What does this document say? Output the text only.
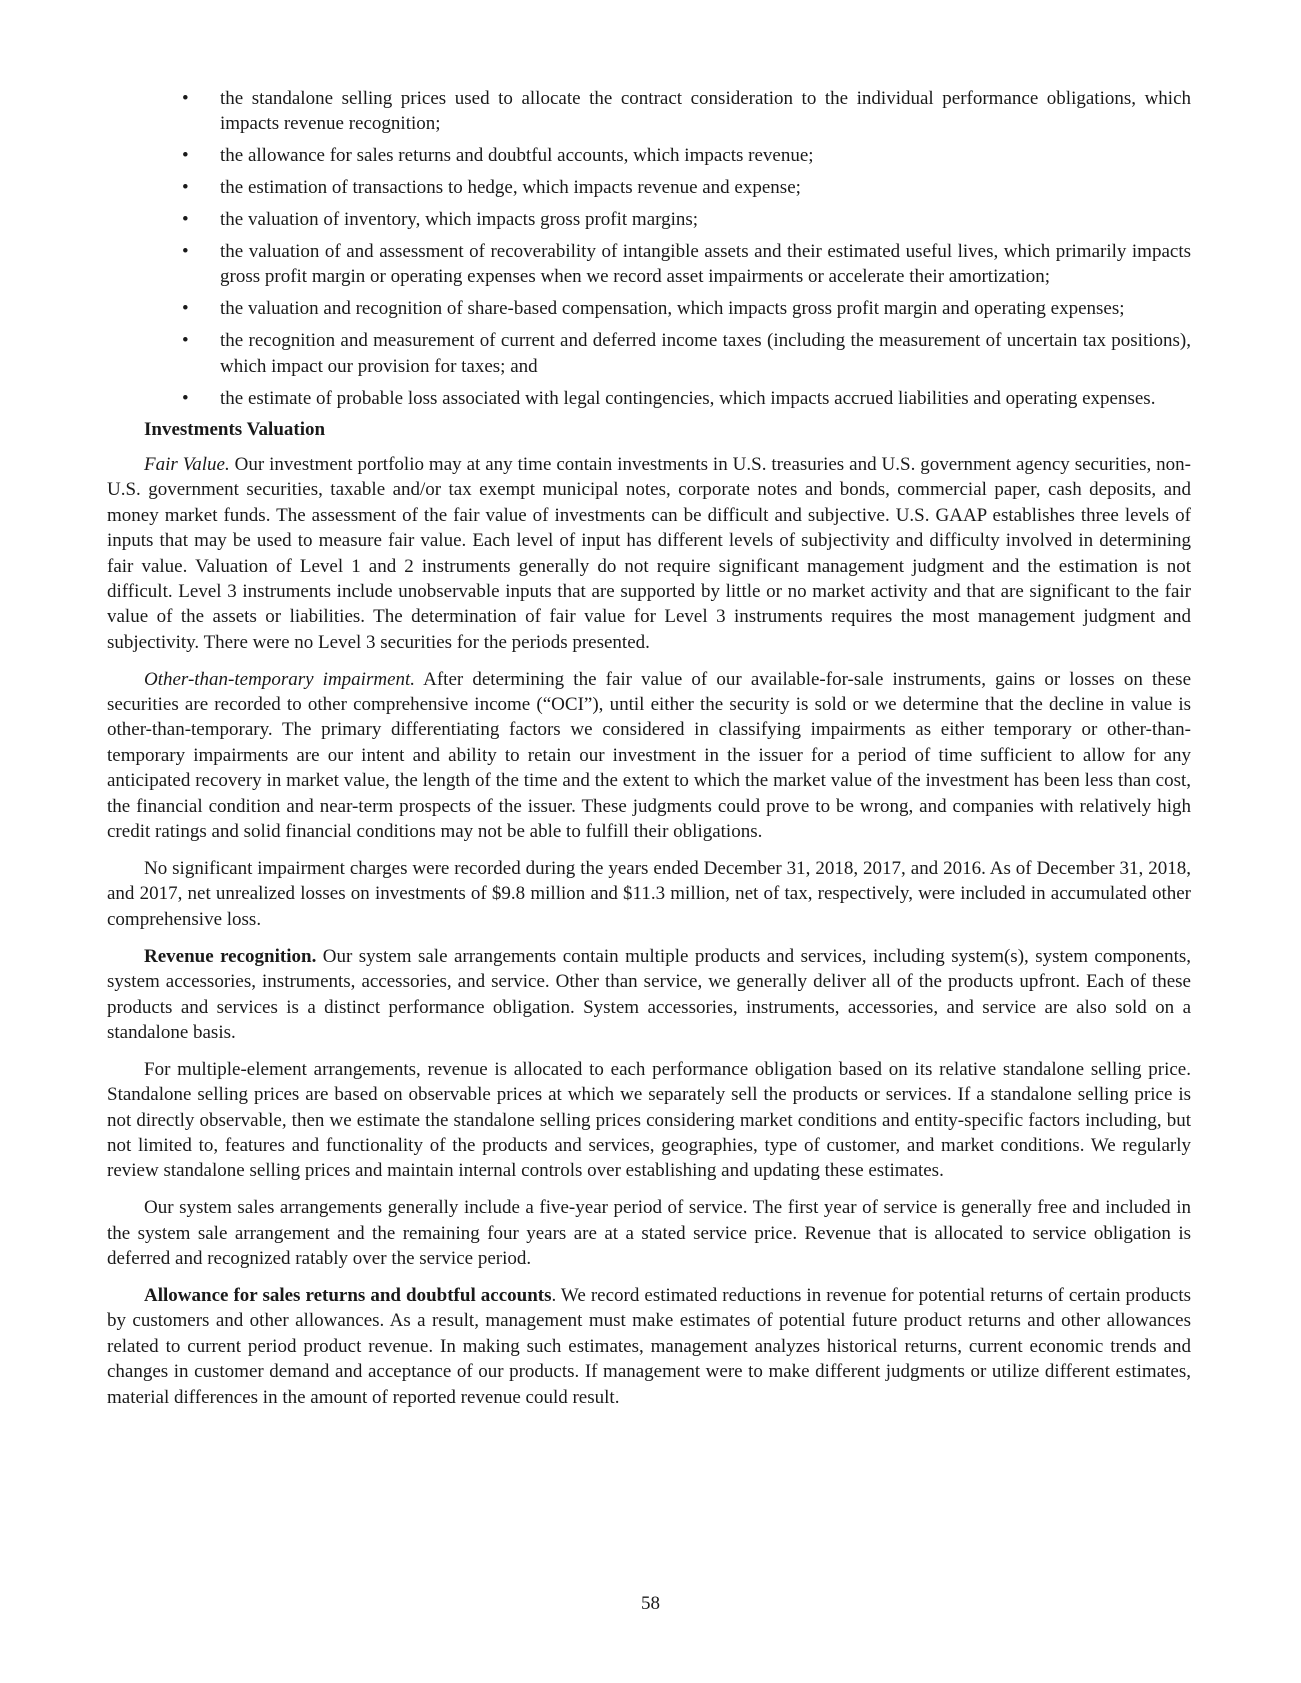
• the standalone selling prices used to allocate the contract consideration to the individual performance obligations, which impacts revenue recognition;
• the allowance for sales returns and doubtful accounts, which impacts revenue;
• the estimation of transactions to hedge, which impacts revenue and expense;
• the valuation of inventory, which impacts gross profit margins;
• the valuation of and assessment of recoverability of intangible assets and their estimated useful lives, which primarily impacts gross profit margin or operating expenses when we record asset impairments or accelerate their amortization;
• the valuation and recognition of share-based compensation, which impacts gross profit margin and operating expenses;
• the recognition and measurement of current and deferred income taxes (including the measurement of uncertain tax positions), which impact our provision for taxes; and
• the estimate of probable loss associated with legal contingencies, which impacts accrued liabilities and operating expenses.
Investments Valuation

Fair Value. Our investment portfolio may at any time contain investments in U.S. treasuries and U.S. government agency securities, non-U.S. government securities, taxable and/or tax exempt municipal notes, corporate notes and bonds, commercial paper, cash deposits, and money market funds. The assessment of the fair value of investments can be difficult and subjective. U.S. GAAP establishes three levels of inputs that may be used to measure fair value. Each level of input has different levels of subjectivity and difficulty involved in determining fair value. Valuation of Level 1 and 2 instruments generally do not require significant management judgment and the estimation is not difficult. Level 3 instruments include unobservable inputs that are supported by little or no market activity and that are significant to the fair value of the assets or liabilities. The determination of fair value for Level 3 instruments requires the most management judgment and subjectivity. There were no Level 3 securities for the periods presented.

Other-than-temporary impairment. After determining the fair value of our available-for-sale instruments, gains or losses on these securities are recorded to other comprehensive income (“OCI”), until either the security is sold or we determine that the decline in value is other-than-temporary. The primary differentiating factors we considered in classifying impairments as either temporary or other-than-temporary impairments are our intent and ability to retain our investment in the issuer for a period of time sufficient to allow for any anticipated recovery in market value, the length of the time and the extent to which the market value of the investment has been less than cost, the financial condition and near-term prospects of the issuer. These judgments could prove to be wrong, and companies with relatively high credit ratings and solid financial conditions may not be able to fulfill their obligations.

No significant impairment charges were recorded during the years ended December 31, 2018, 2017, and 2016. As of December 31, 2018, and 2017, net unrealized losses on investments of $9.8 million and $11.3 million, net of tax, respectively, were included in accumulated other comprehensive loss.

Revenue recognition. Our system sale arrangements contain multiple products and services, including system(s), system components, system accessories, instruments, accessories, and service. Other than service, we generally deliver all of the products upfront. Each of these products and services is a distinct performance obligation. System accessories, instruments, accessories, and service are also sold on a standalone basis.

For multiple-element arrangements, revenue is allocated to each performance obligation based on its relative standalone selling price. Standalone selling prices are based on observable prices at which we separately sell the products or services. If a standalone selling price is not directly observable, then we estimate the standalone selling prices considering market conditions and entity-specific factors including, but not limited to, features and functionality of the products and services, geographies, type of customer, and market conditions. We regularly review standalone selling prices and maintain internal controls over establishing and updating these estimates.

Our system sales arrangements generally include a five-year period of service. The first year of service is generally free and included in the system sale arrangement and the remaining four years are at a stated service price. Revenue that is allocated to service obligation is deferred and recognized ratably over the service period.

Allowance for sales returns and doubtful accounts. We record estimated reductions in revenue for potential returns of certain products by customers and other allowances. As a result, management must make estimates of potential future product returns and other allowances related to current period product revenue. In making such estimates, management analyzes historical returns, current economic trends and changes in customer demand and acceptance of our products. If management were to make different judgments or utilize different estimates, material differences in the amount of reported revenue could result.

58
